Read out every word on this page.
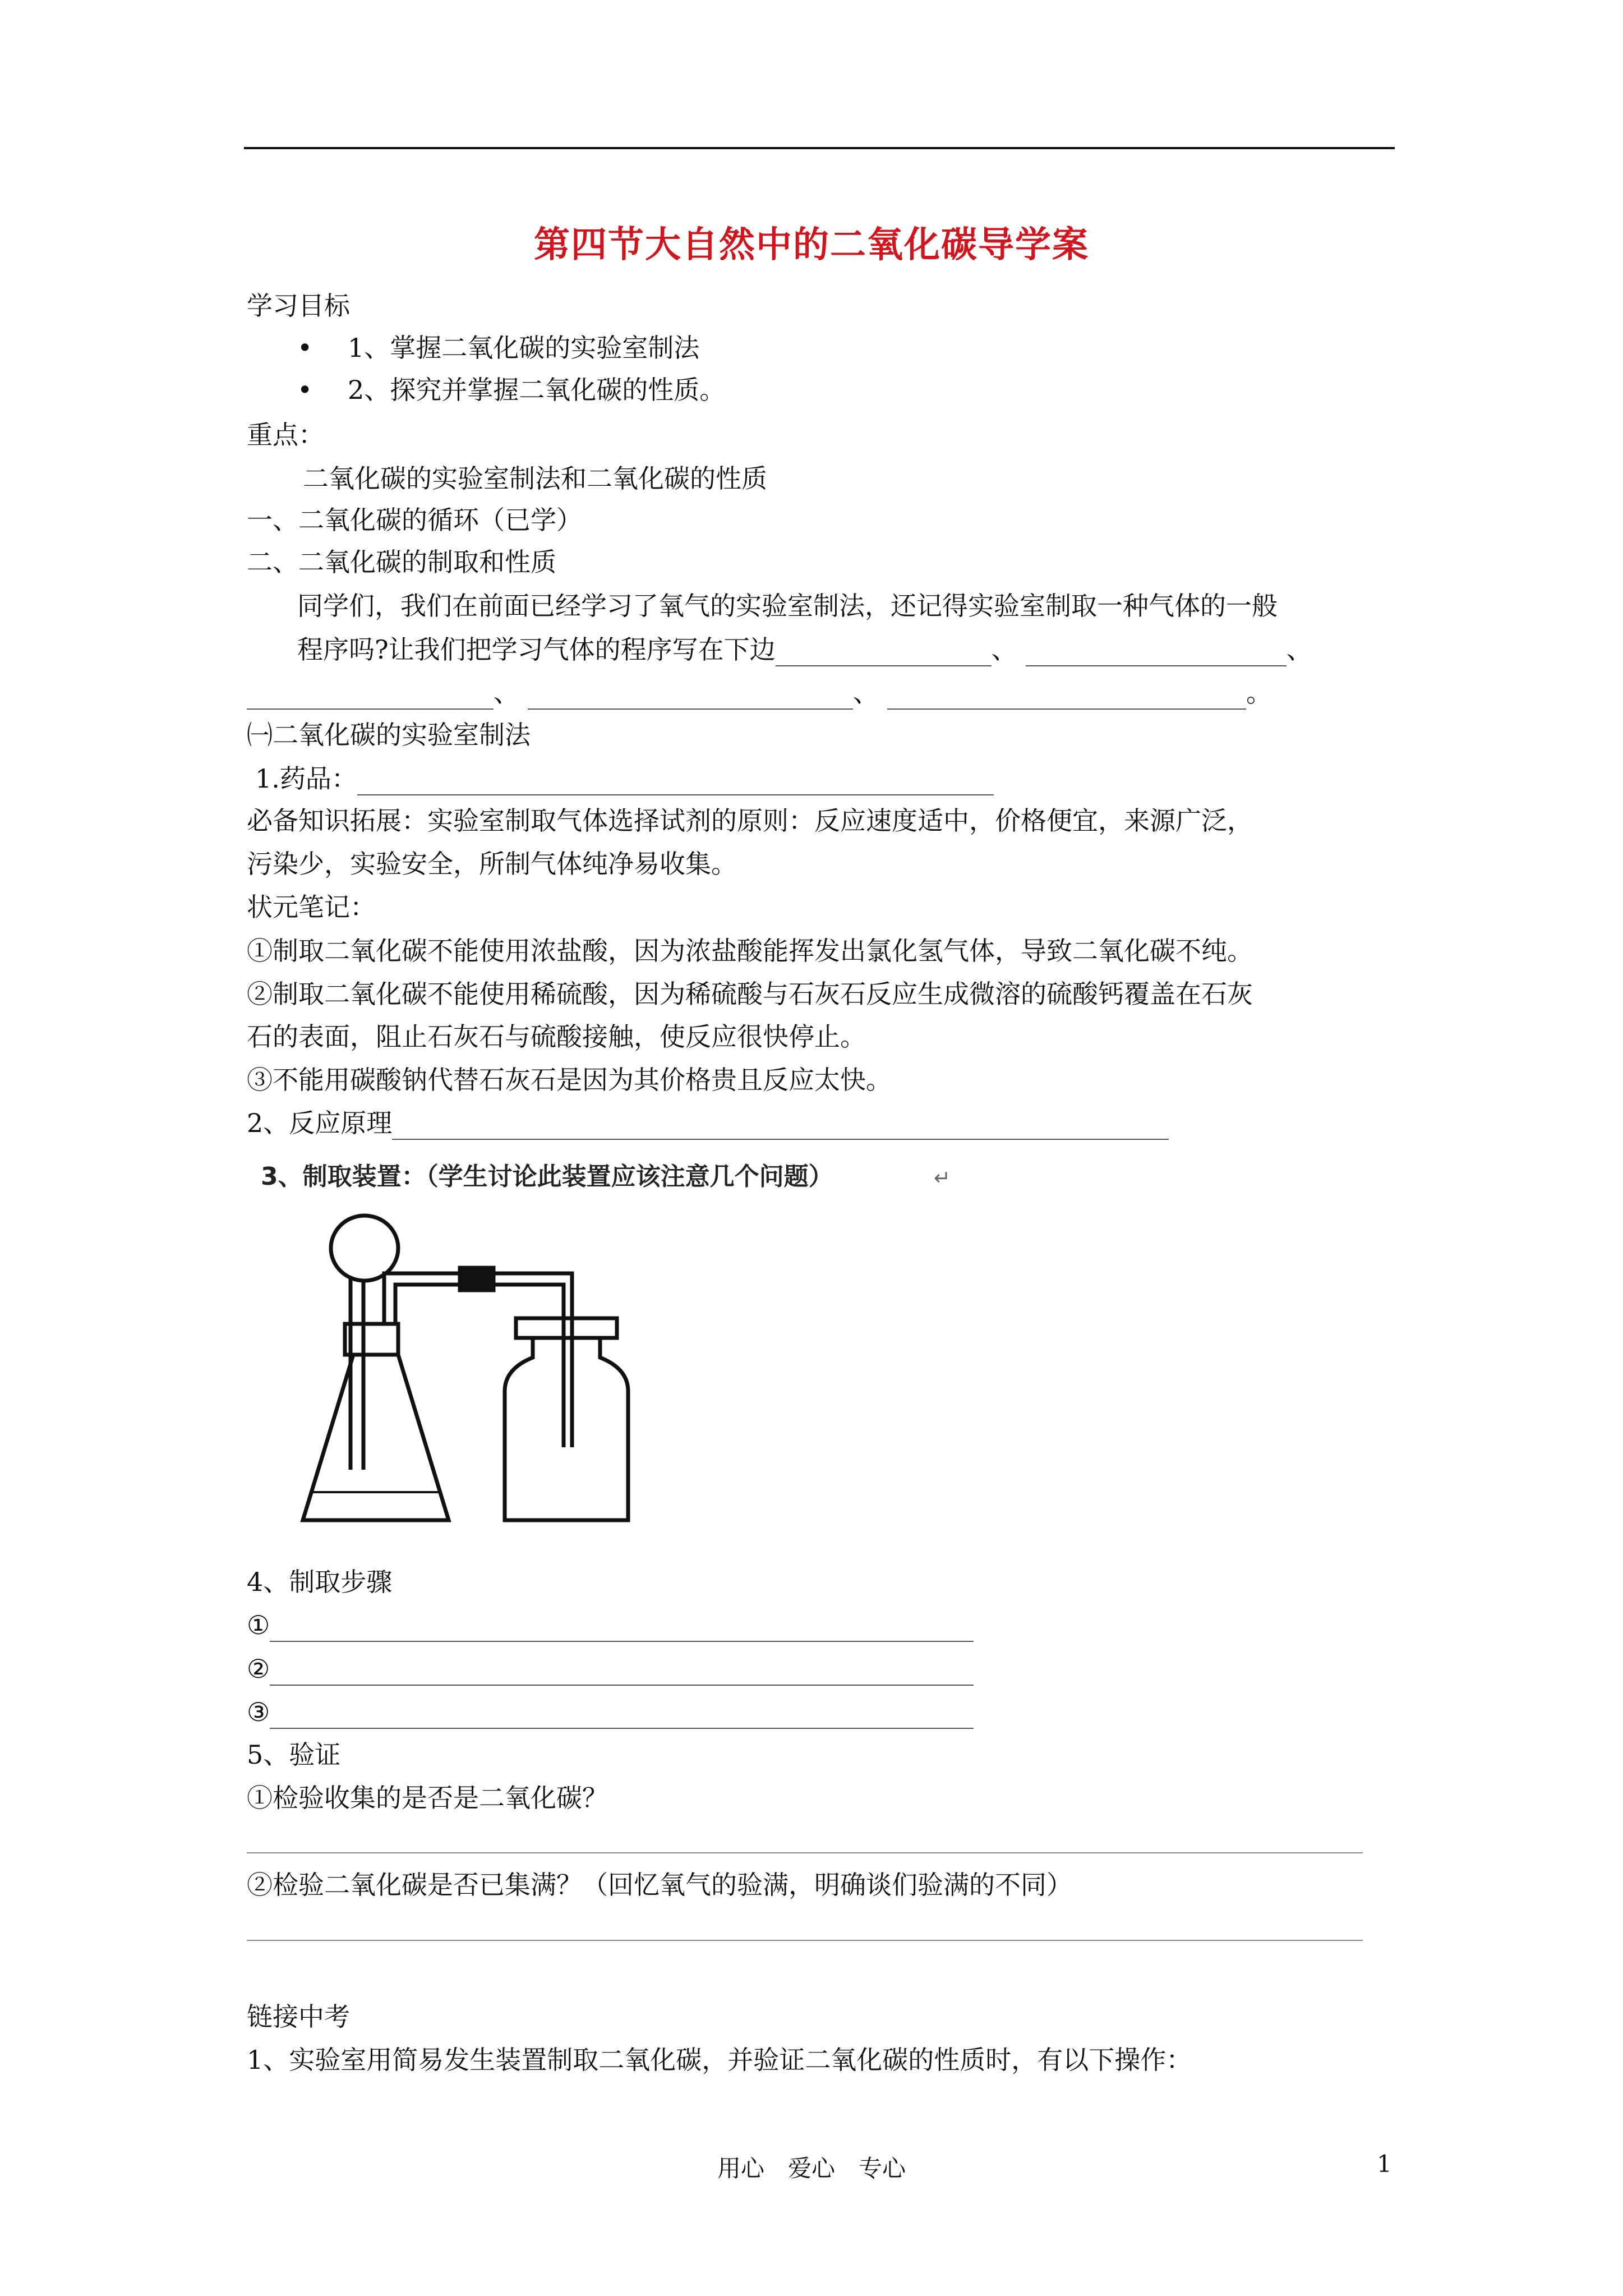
第四节大自然中的二氧化碳导学案
学习目标
• 1、掌握二氧化碳的实验室制法
• 2、探究并掌握二氧化碳的性质。
重点：
二氧化碳的实验室制法和二氧化碳的性质
一、二氧化碳的循环（已学）
二、二氧化碳的制取和性质
同学们，我们在前面已经学习了氧气的实验室制法，还记得实验室制取一种气体的一般
程序吗?让我们把学习气体的程序写在下边	、	、
、	、	。
㈠二氧化碳的实验室制法
1.药品：
必备知识拓展：实验室制取气体选择试剂的原则：反应速度适中，价格便宜，来源广泛，
污染少，实验安全，所制气体纯净易收集。
状元笔记：
①制取二氧化碳不能使用浓盐酸，因为浓盐酸能挥发出氯化氢气体，导致二氧化碳不纯。
②制取二氧化碳不能使用稀硫酸，因为稀硫酸与石灰石反应生成微溶的硫酸钙覆盖在石灰
石的表面，阻止石灰石与硫酸接触，使反应很快停止。
③不能用碳酸钠代替石灰石是因为其价格贵且反应太快。
2、反应原理
3、制取装置：（学生讨论此装置应该注意几个问题）	↵
4、制取步骤
①
②
③
5、验证
①检验收集的是否是二氧化碳？
②检验二氧化碳是否已集满？（回忆氧气的验满，明确谈们验满的不同）
链接中考
1、实验室用简易发生装置制取二氧化碳，并验证二氧化碳的性质时，有以下操作：
用心　爱心　专心	1
